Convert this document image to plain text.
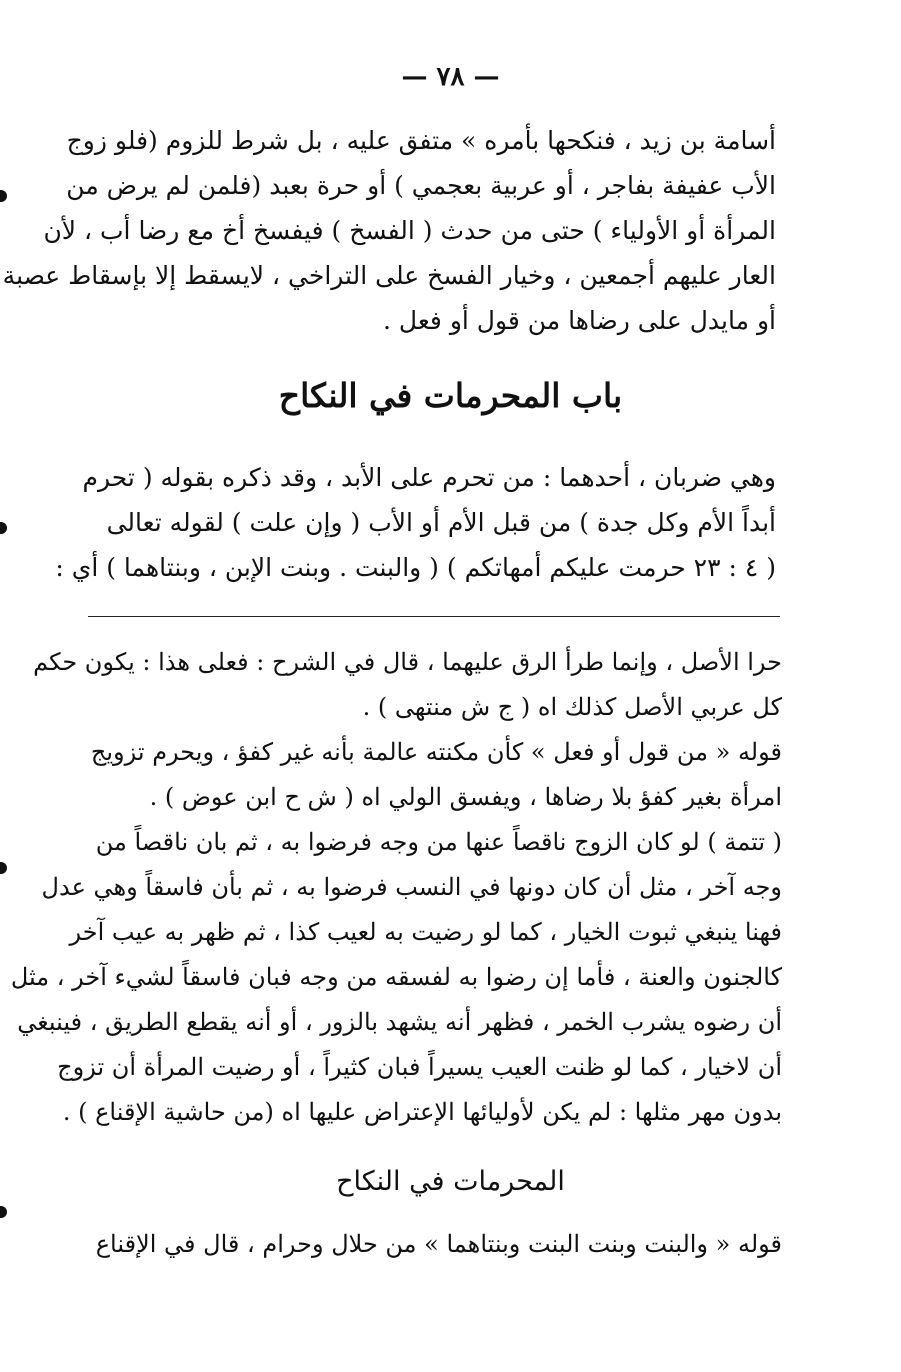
— ٧٨ —
أسامة بن زيد ، فنكحها بأمره » متفق عليه ، بل شرط للزوم (فلو زوج
الأب عفيفة بفاجر ، أو عربية بعجمي ) أو حرة بعبد (فلمن لم يرض من
المرأة أو الأولياء ) حتى من حدث ( الفسخ ) فيفسخ أخ مع رضا أب ، لأن
العار عليهم أجمعين ، وخيار الفسخ على التراخي ، لايسقط إلا بإسقاط عصبة
أو مايدل على رضاها من قول أو فعل .
باب المحرمات في النكاح
وهي ضربان ، أحدهما : من تحرم على الأبد ، وقد ذكره بقوله ( تحرم
أبداً الأم وكل جدة ) من قبل الأم أو الأب ( وإن علت ) لقوله تعالى
( ٤ : ٢٣ حرمت عليكم أمهاتكم ) ( والبنت . وبنت الإبن ، وبنتاهما ) أي :
حرا الأصل ، وإنما طرأ الرق عليهما ، قال في الشرح : فعلى هذا : يكون حكم
كل عربي الأصل كذلك اه ( ج ش منتهى ) .
قوله « من قول أو فعل » كأن مكنته عالمة بأنه غير كفؤ ، ويحرم تزويج
امرأة بغير كفؤ بلا رضاها ، ويفسق الولي اه ( ش ح ابن عوض ) .
( تتمة ) لو كان الزوج ناقصاً عنها من وجه فرضوا به ، ثم بان ناقصاً من
وجه آخر ، مثل أن كان دونها في النسب فرضوا به ، ثم بأن فاسقاً وهي عدل
فهنا ينبغي ثبوت الخيار ، كما لو رضيت به لعيب كذا ، ثم ظهر به عيب آخر
كالجنون والعنة ، فأما إن رضوا به لفسقه من وجه فبان فاسقاً لشيء آخر ، مثل
أن رضوه يشرب الخمر ، فظهر أنه يشهد بالزور ، أو أنه يقطع الطريق ، فينبغي
أن لاخيار ، كما لو ظنت العيب يسيراً فبان كثيراً ، أو رضيت المرأة أن تزوج
بدون مهر مثلها : لم يكن لأوليائها الإعتراض عليها اه (من حاشية الإقناع ) .
المحرمات في النكاح
قوله « والبنت وبنت البنت وبنتاهما » من حلال وحرام ، قال في الإقناع
